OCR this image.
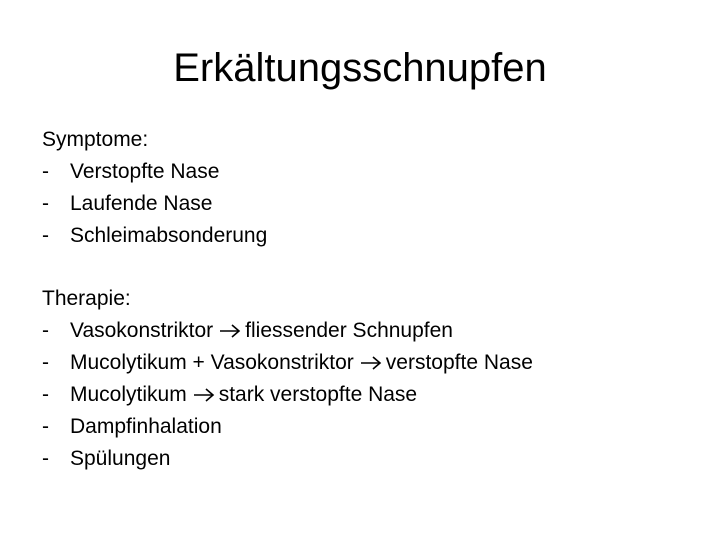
Erkältungsschnupfen
Symptome:
-	Verstopfte Nase
-	Laufende Nase
-	Schleimabsonderung
Therapie:
-	Vasokonstriktor fliessender Schnupfen
-	Mucolytikum + Vasokonstriktor verstopfte Nase
-	Mucolytikum stark verstopfte Nase
-	Dampfinhalation
-	Spülungen
